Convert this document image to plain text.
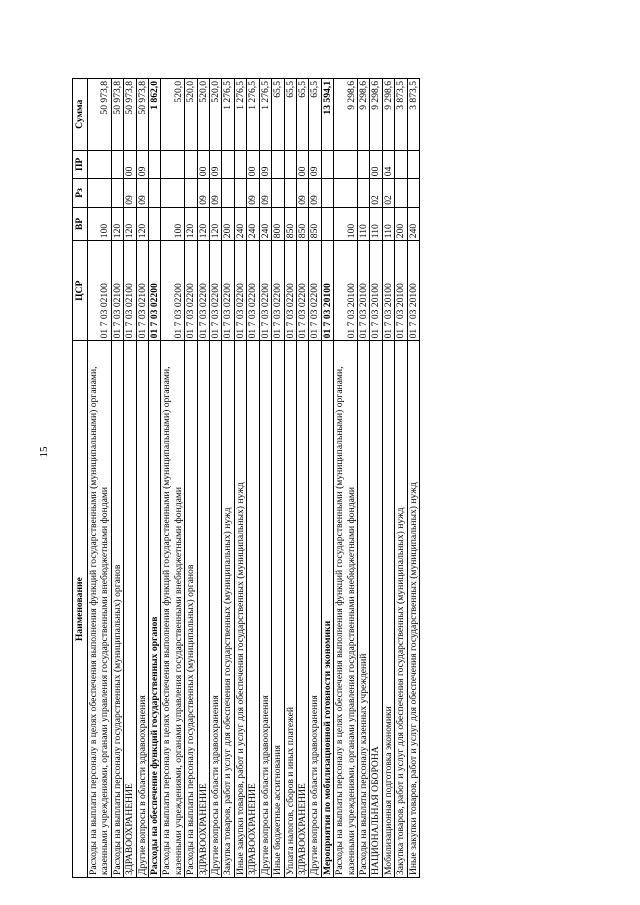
15
Наименование	ЦСР	ВР	Рз	ПР	Сумма
Расходы на выплаты персоналу в целях обеспечения выполнения функций государственными (муниципальными) органами, казенными учреждениями, органами управления государственными внебюджетными фондами	01 7 03 02100	100			50 973,8
Расходы на выплаты персоналу государственных (муниципальных) органов	01 7 03 02100	120			50 973,8
ЗДРАВООХРАНЕНИЕ	01 7 03 02100	120	09	00	50 973,8
Другие вопросы в области здравоохранения	01 7 03 02100	120	09	09	50 973,8
Расходы на обеспечение функций государственных органов	01 7 03 02200				1 862,0
Расходы на выплаты персоналу в целях обеспечения выполнения функций государственными (муниципальными) органами, казенными учреждениями, органами управления государственными внебюджетными фондами	01 7 03 02200	100			520,0
Расходы на выплаты персоналу государственных (муниципальных) органов	01 7 03 02200	120			520,0
ЗДРАВООХРАНЕНИЕ	01 7 03 02200	120	09	00	520,0
Другие вопросы в области здравоохранения	01 7 03 02200	120	09	09	520,0
Закупка товаров, работ и услуг для обеспечения государственных (муниципальных) нужд	01 7 03 02200	200			1 276,5
Иные закупки товаров, работ и услуг для обеспечения государственных (муниципальных) нужд	01 7 03 02200	240			1 276,5
ЗДРАВООХРАНЕНИЕ	01 7 03 02200	240	09	00	1 276,5
Другие вопросы в области здравоохранения	01 7 03 02200	240	09	09	1 276,5
Иные бюджетные ассигнования	01 7 03 02200	800			65,5
Уплата налогов, сборов и иных платежей	01 7 03 02200	850			65,5
ЗДРАВООХРАНЕНИЕ	01 7 03 02200	850	09	00	65,5
Другие вопросы в области здравоохранения	01 7 03 02200	850	09	09	65,5
Мероприятия по мобилизационной готовности экономики	01 7 03 20100				13 594,1
Расходы на выплаты персоналу в целях обеспечения выполнения функций государственными (муниципальными) органами, казенными учреждениями, органами управления государственными внебюджетными фондами	01 7 03 20100	100			9 298,6
Расходы на выплаты персоналу казенных учреждений	01 7 03 20100	110			9 298,6
НАЦИОНАЛЬНАЯ ОБОРОНА	01 7 03 20100	110	02	00	9 298,6
Мобилизационная подготовка экономики	01 7 03 20100	110	02	04	9 298,6
Закупка товаров, работ и услуг для обеспечения государственных (муниципальных) нужд	01 7 03 20100	200			3 873,5
Иные закупки товаров, работ и услуг для обеспечения государственных (муниципальных) нужд	01 7 03 20100	240			3 873,5
